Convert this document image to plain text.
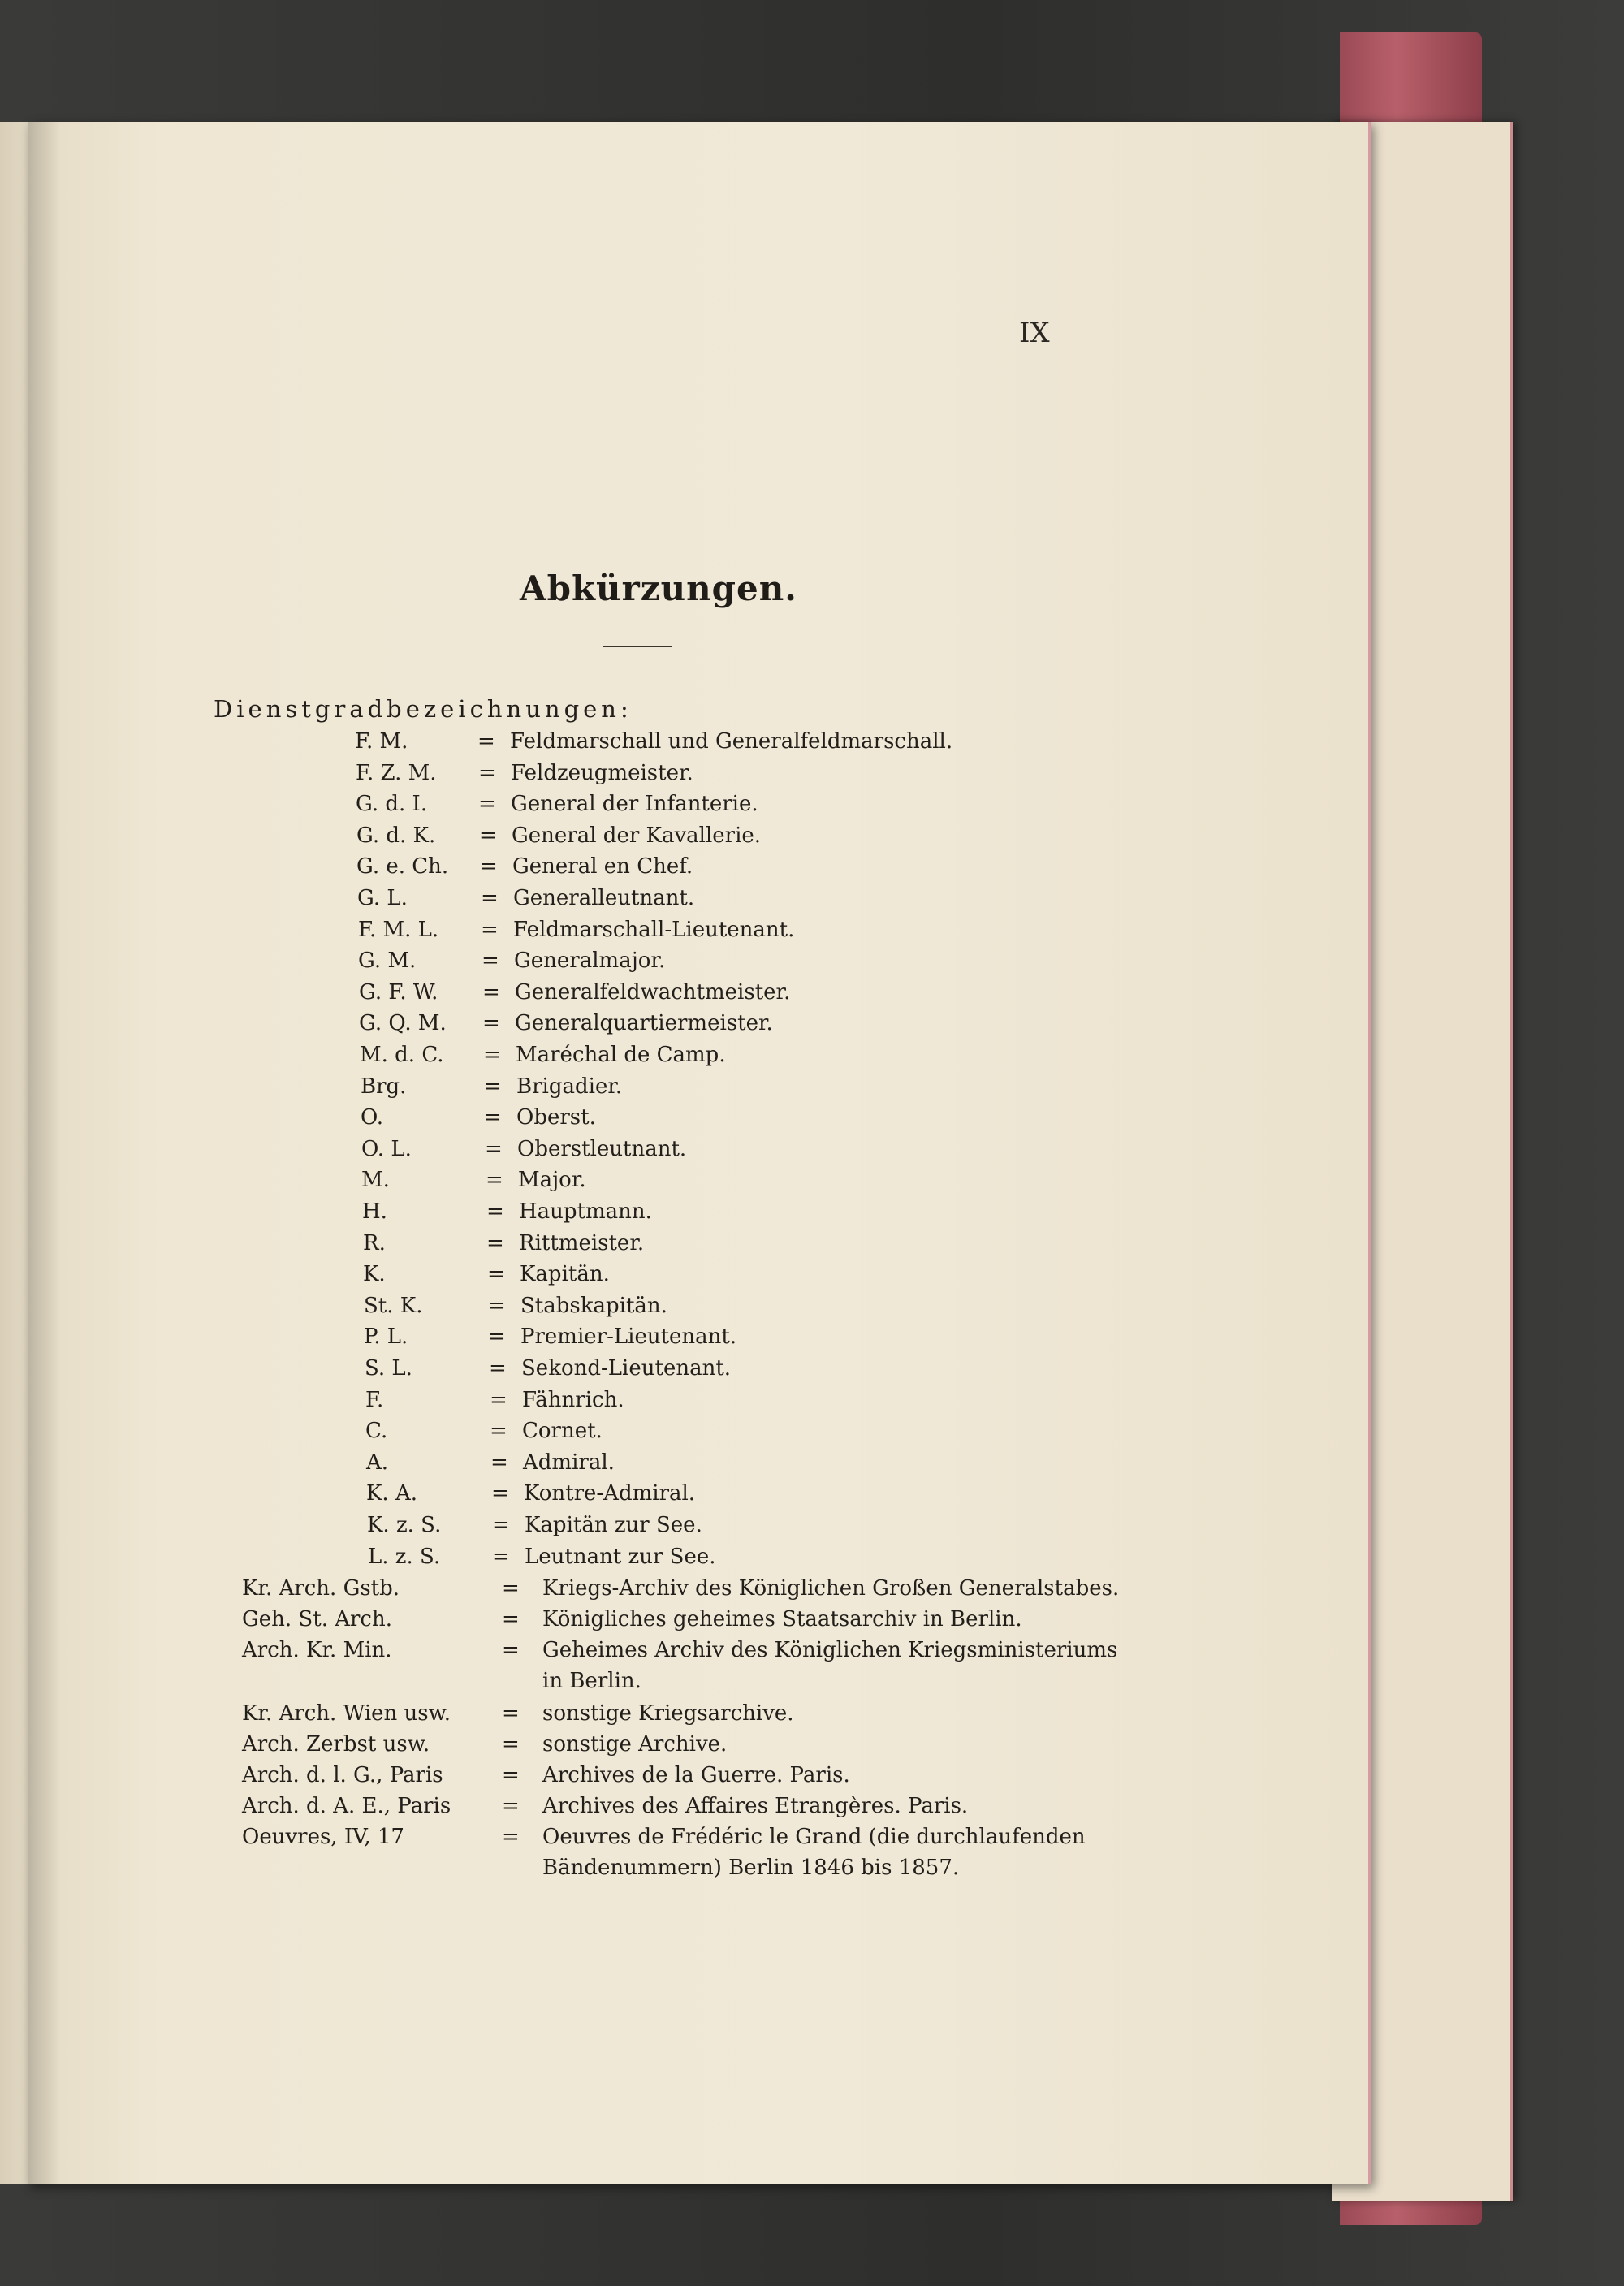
IX
Abkürzungen.
Dienstgradbezeichnungen:
F. M.	= Feldmarschall und Generalfeldmarschall.
F. Z. M. = Feldzeugmeister.
G. d. I. = General der Infanterie.
G. d. K. = General der Kavallerie.
G. e. Ch. = General en Chef.
G. L.	= Generalleutnant.
F. M. L. = Feldmarschall-Lieutenant.
G. M.	= Generalmajor.
G. F. W. = Generalfeldwachtmeister.
G. Q. M. = Generalquartiermeister.
M. d. C. = Maréchal de Camp.
Brg.	= Brigadier.
O.	= Oberst.
O. L.	= Oberstleutnant.
M.	= Major.
H.	= Hauptmann.
R.	= Rittmeister.
K.	= Kapitän.
St. K.	= Stabskapitän.
P. L.	= Premier-Lieutenant.
S. L.	= Sekond-Lieutenant.
F.	= Fähnrich.
C.	= Cornet.
A.	= Admiral.
K. A.	= Kontre-Admiral.
K. z. S. = Kapitän zur See.
L. z. S. = Leutnant zur See.
Kr. Arch. Gstb.	= Kriegs-Archiv des Königlichen Großen Generalstabes.
Geh. St. Arch.	= Königliches geheimes Staatsarchiv in Berlin.
Arch. Kr. Min.	= Geheimes Archiv des Königlichen Kriegsministeriums
in Berlin.
Kr. Arch. Wien usw. = sonstige Kriegsarchive.
Arch. Zerbst usw.	= sonstige Archive.
Arch. d. l. G., Paris	= Archives de la Guerre. Paris.
Arch. d. A. E., Paris = Archives des Affaires Etrangères. Paris.
Oeuvres, IV, 17	= Oeuvres de Frédéric le Grand (die durchlaufenden
Bändenummern) Berlin 1846 bis 1857.
